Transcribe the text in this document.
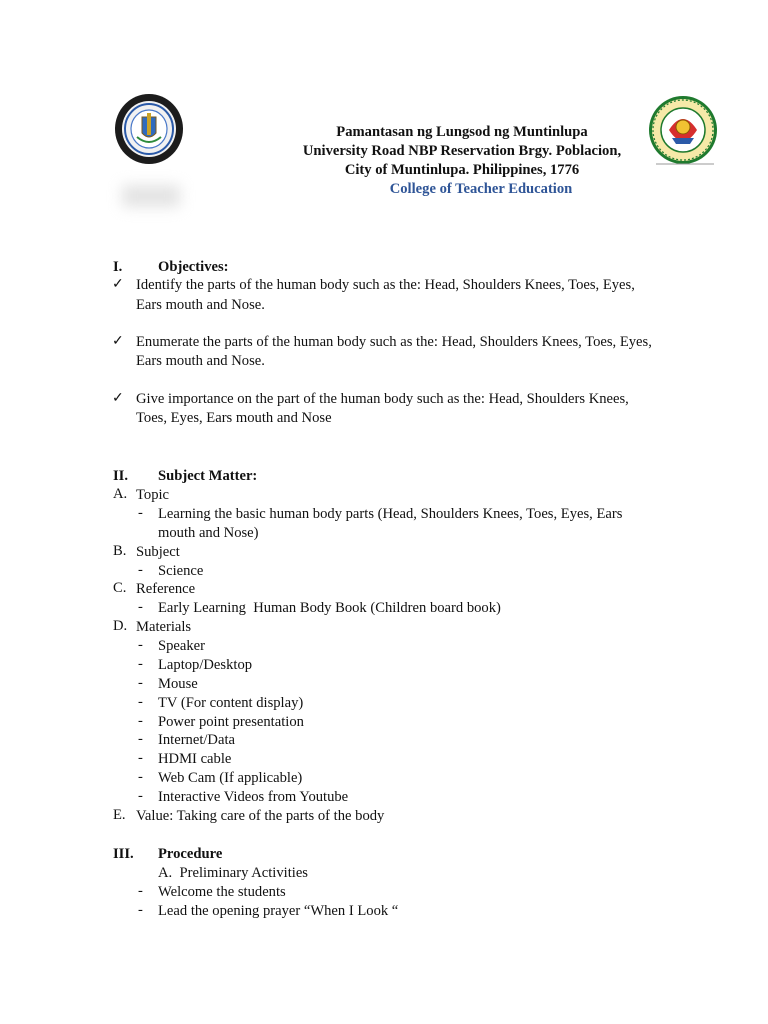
Pamantasan ng Lungsod ng Muntinlupa
University Road NBP Reservation Brgy. Poblacion,
City of Muntinlupa. Philippines, 1776
College of Teacher Education
I. Objectives:
✓ Identify the parts of the human body such as the: Head, Shoulders Knees, Toes, Eyes,
Ears mouth and Nose.
✓ Enumerate the parts of the human body such as the: Head, Shoulders Knees, Toes, Eyes,
Ears mouth and Nose.
✓ Give importance on the part of the human body such as the: Head, Shoulders Knees,
Toes, Eyes, Ears mouth and Nose
II. Subject Matter:
A. Topic
- Learning the basic human body parts (Head, Shoulders Knees, Toes, Eyes, Ears
mouth and Nose)
B. Subject
- Science
C. Reference
- Early Learning  Human Body Book (Children board book)
D. Materials
- Speaker
- Laptop/Desktop
- Mouse
- TV (For content display)
- Power point presentation
- Internet/Data
- HDMI cable
- Web Cam (If applicable)
- Interactive Videos from Youtube
E. Value: Taking care of the parts of the body
III. Procedure
A.  Preliminary Activities
- Welcome the students
- Lead the opening prayer “When I Look “
